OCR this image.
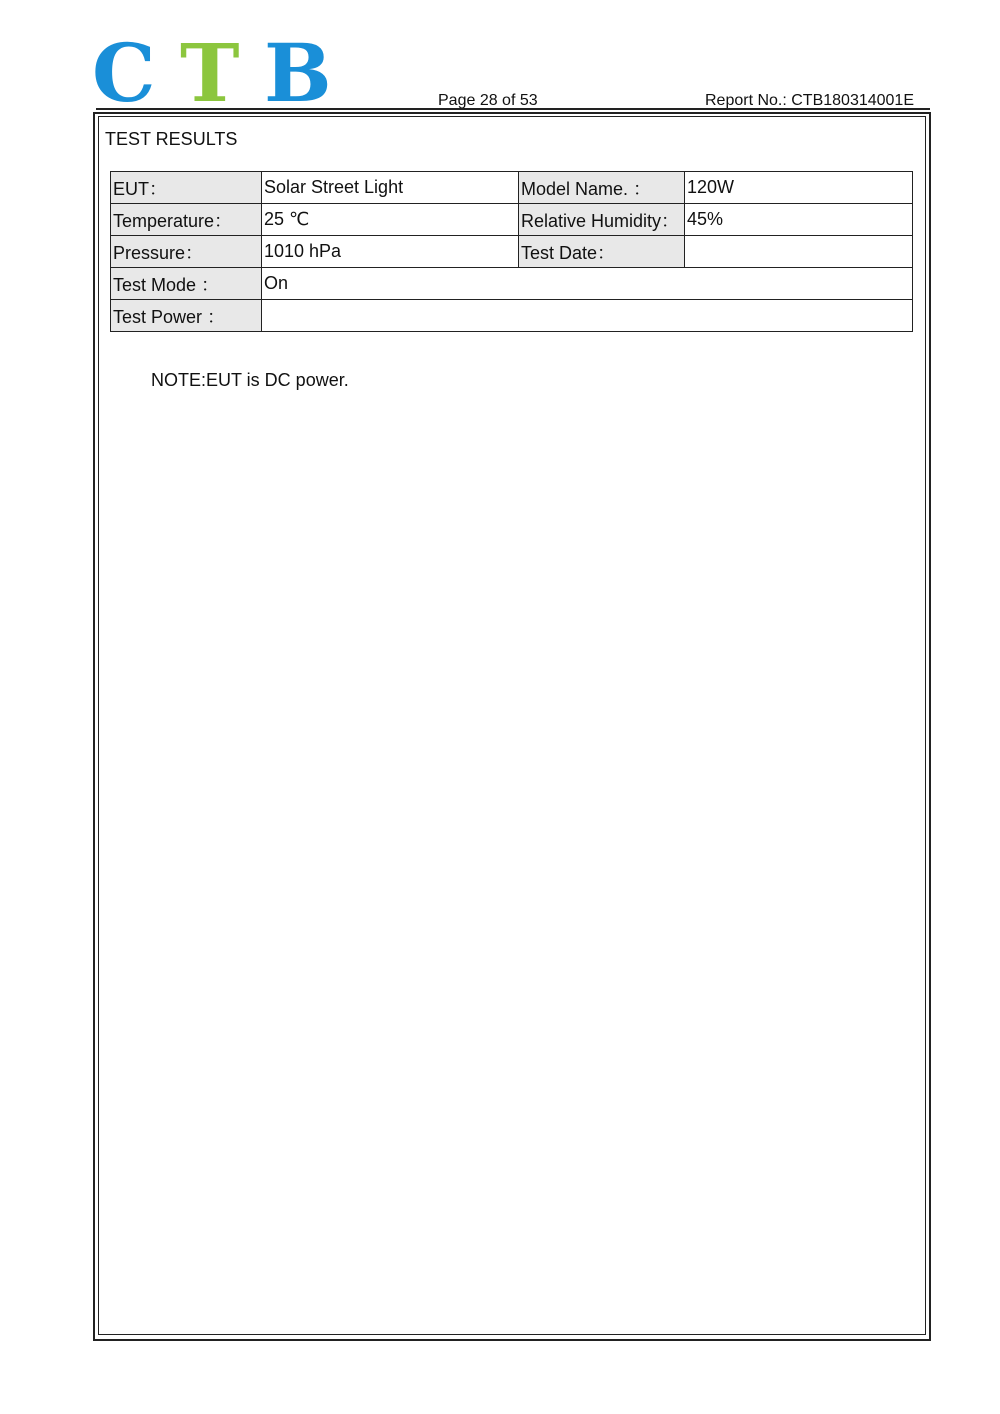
C T B	Page 28 of 53	Report No.: CTB180314001E
TEST RESULTS
EUT：	Solar Street Light	Model Name. ：	120W
Temperature：	25 ℃	Relative Humidity：	45%
Pressure：	1010 hPa	Test Date：	
Test Mode ：	On		
Test Power ：			
NOTE:EUT is DC power.
